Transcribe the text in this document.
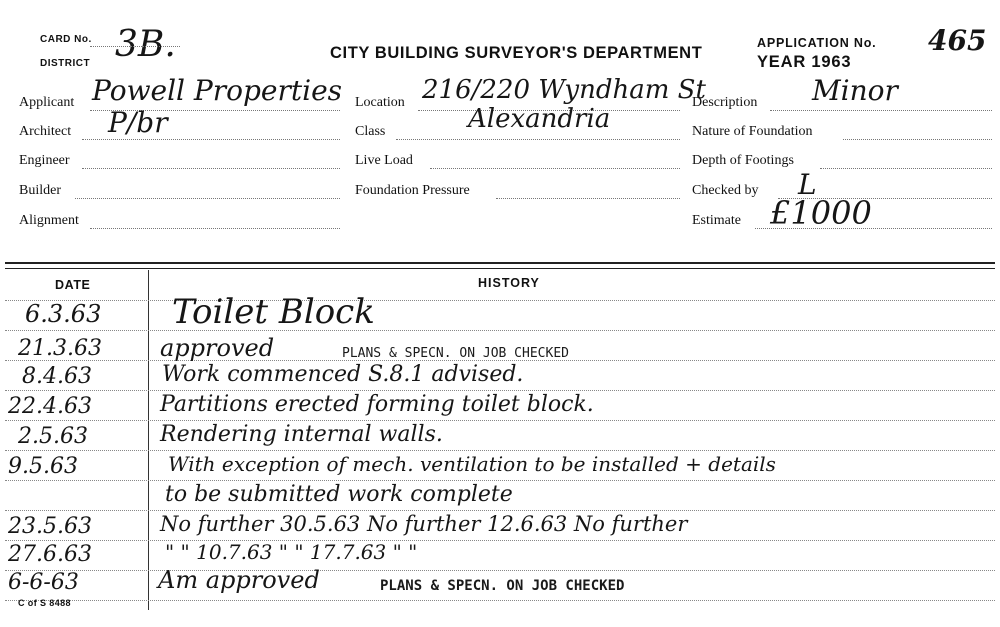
CARD No.
DISTRICT 3B.	CITY BUILDING SURVEYOR'S DEPARTMENT
APPLICATION No. 465
YEAR 1963
Applicant Powell Properties
Architect P/br
Engineer
Builder
Alignment
Location 216/220 Wyndham St
Class	Alexandria
Live Load
Foundation Pressure
Description Minor
Nature of Foundation
Depth of Footings
Checked by L
Estimate £1000
DATE	HISTORY
6.3.63 Toilet Block
21.3.63 approved	PLANS & SPECN. ON JOB CHECKED
8.4.63	Work commenced S.8.1 advised.
22.4.63	Partitions erected forming toilet block.
2.5.63	Rendering internal walls.
9.5.63	With exception of mech. ventilation to be installed + details
to be submitted work complete
23.5.63	No further 30.5.63 No further 12.6.63 No further
27.6.63	" " 10.7.63 " " 17.7.63 " "
6-6-63	Am approved	PLANS & SPECN. ON JOB CHECKED
C of S 8488
